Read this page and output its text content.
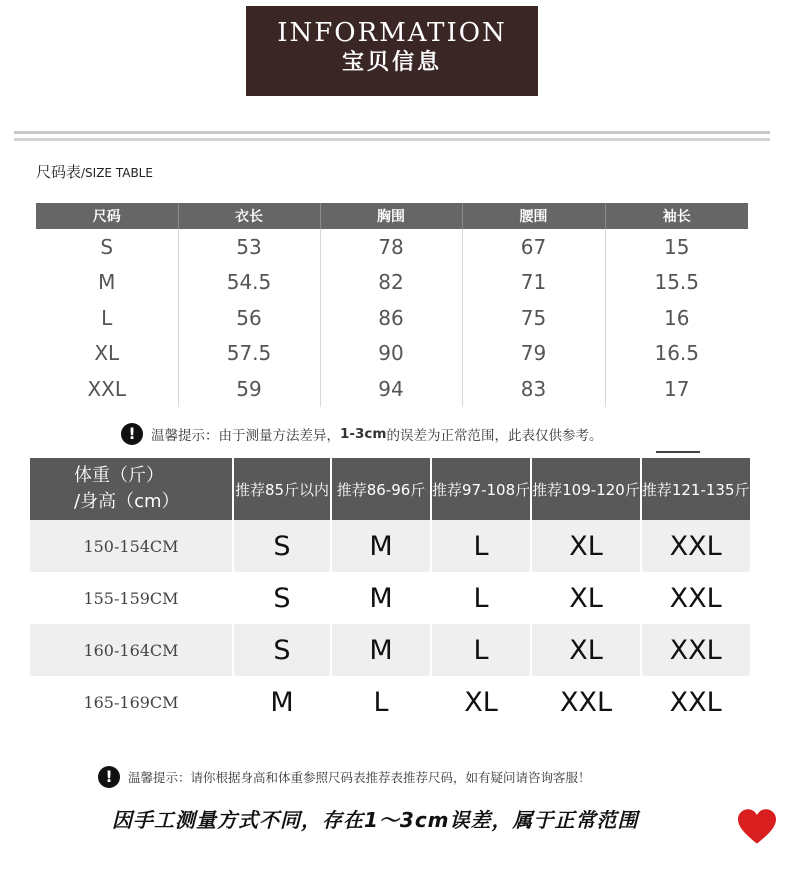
INFORMATION
宝贝信息
尺码表/SIZE TABLE
尺码	衣长	胸围	腰围	袖长
S	53	78	67	15
M	54.5	82	71	15.5
L	56	86	75	16
XL	57.5	90	79	16.5
XXL	59	94	83	17
!	温馨提示： 由于测量方法差异， 1-3cm 的误差为正常范围，此表仅供参考。
体重（斤）
/身高（cm）	推荐85斤以内	推荐86-96斤	推荐97-108斤	推荐109-120斤	推荐121-135斤
150-154CM	S	M	L	XL	XXL
155-159CM	S	M	L	XL	XXL
160-164CM	S	M	L	XL	XXL
165-169CM	M	L	XL	XXL	XXL
!	温馨提示：请你根据身高和体重参照尺码表推荐表推荐尺码，如有疑问请咨询客服！
因手工测量方式不同，存在1～3cm误差，属于正常范围
